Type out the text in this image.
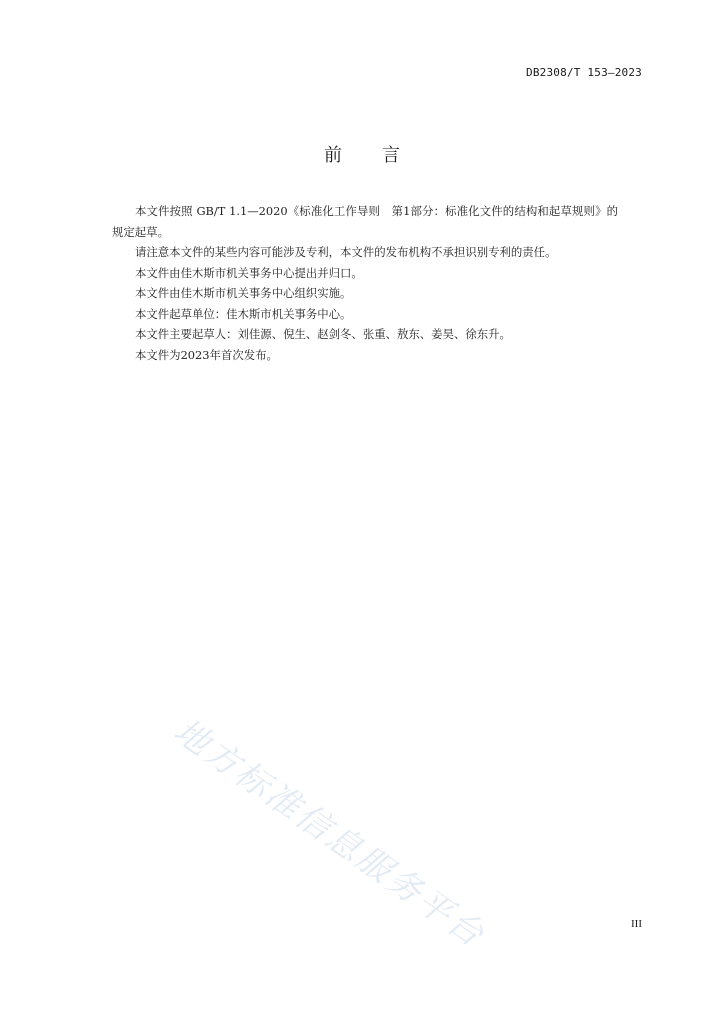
DB2308/T 153—2023
前言

本文件按照 GB/T 1.1—2020《标准化工作导则　第1部分：标准化文件的结构和起草规则》的规定起草。

请注意本文件的某些内容可能涉及专利，本文件的发布机构不承担识别专利的责任。

本文件由佳木斯市机关事务中心提出并归口。

本文件由佳木斯市机关事务中心组织实施。

本文件起草单位：佳木斯市机关事务中心。

本文件主要起草人：刘佳源、倪生、赵剑冬、张重、敖东、姜昊、徐东升。

本文件为2023年首次发布。

地方标准信息服务平台	III
